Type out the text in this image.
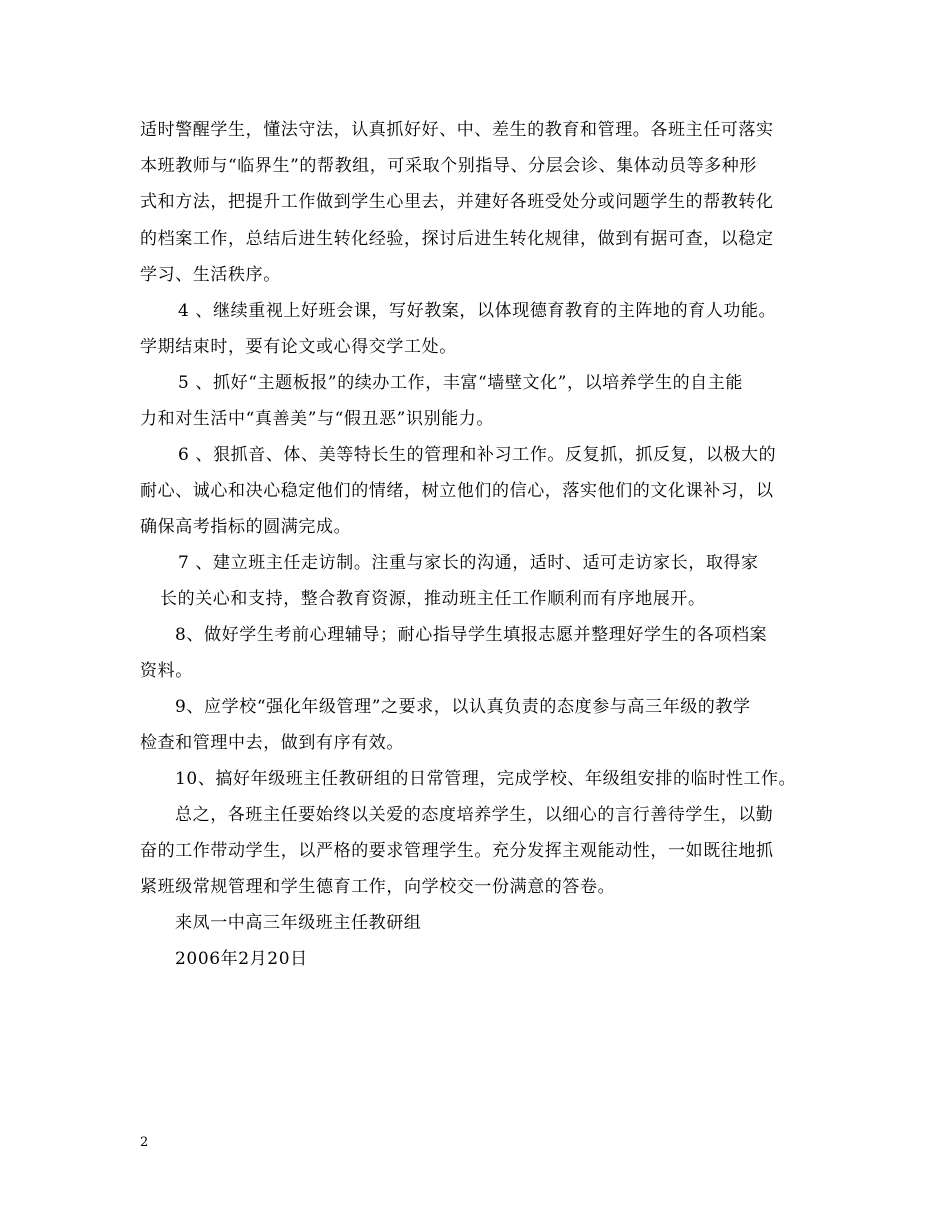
适时警醒学生，懂法守法，认真抓好好、中、差生的教育和管理。各班主任可落实
本班教师与“临界生”的帮教组，可采取个别指导、分层会诊、集体动员等多种形
式和方法，把提升工作做到学生心里去，并建好各班受处分或问题学生的帮教转化
的档案工作，总结后进生转化经验，探讨后进生转化规律，做到有据可查，以稳定
学习、生活秩序。
4 、继续重视上好班会课，写好教案，以体现德育教育的主阵地的育人功能。
学期结束时，要有论文或心得交学工处。
5 、抓好“主题板报”的续办工作，丰富“墙壁文化”，以培养学生的自主能
力和对生活中“真善美”与“假丑恶”识别能力。
6 、狠抓音、体、美等特长生的管理和补习工作。反复抓，抓反复，以极大的
耐心、诚心和决心稳定他们的情绪，树立他们的信心，落实他们的文化课补习，以
确保高考指标的圆满完成。
7 、建立班主任走访制。注重与家长的沟通，适时、适可走访家长，取得家
长的关心和支持，整合教育资源，推动班主任工作顺利而有序地展开。
8、做好学生考前心理辅导；耐心指导学生填报志愿并整理好学生的各项档案
资料。
9、应学校“强化年级管理”之要求，以认真负责的态度参与高三年级的教学
检查和管理中去，做到有序有效。
10、搞好年级班主任教研组的日常管理，完成学校、年级组安排的临时性工作。
总之，各班主任要始终以关爱的态度培养学生，以细心的言行善待学生，以勤
奋的工作带动学生，以严格的要求管理学生。充分发挥主观能动性，一如既往地抓
紧班级常规管理和学生德育工作，向学校交一份满意的答卷。
来凤一中高三年级班主任教研组
2006年2月20日
2
